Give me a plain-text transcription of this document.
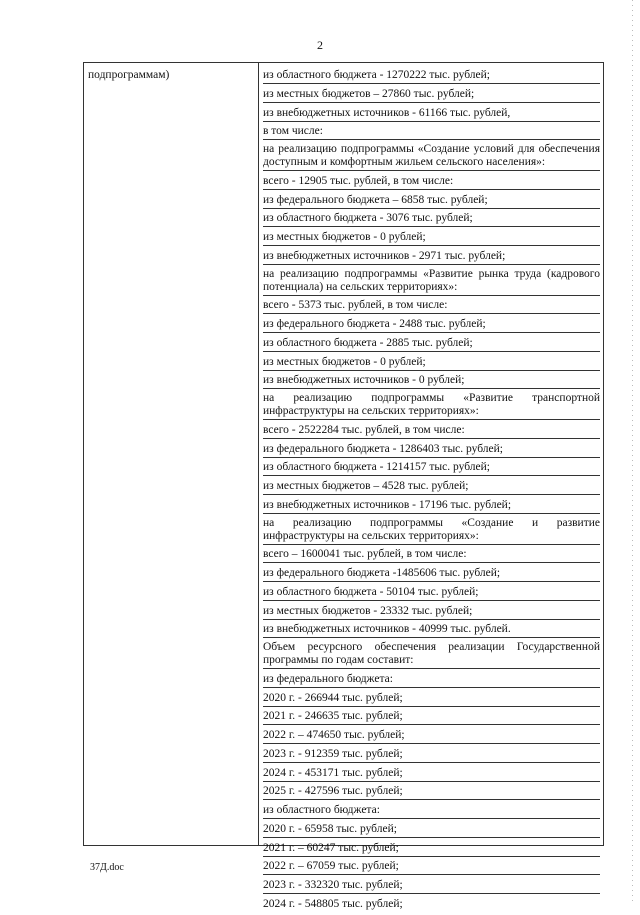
2
подпрограммам)	из областного бюджета - 1270222 тыс. рублей;
из местных бюджетов – 27860 тыс. рублей;
из внебюджетных источников - 61166 тыс. рублей,
в том числе:
на реализацию подпрограммы «Создание условий для обеспечения доступным и комфортным жильем сельского населения»:
всего - 12905 тыс. рублей, в том числе:
из федерального бюджета – 6858 тыс. рублей;
из областного бюджета - 3076 тыс. рублей;
из местных бюджетов - 0 рублей;
из внебюджетных источников - 2971 тыс. рублей;
на реализацию подпрограммы «Развитие рынка труда (кадрового потенциала) на сельских территориях»:
всего - 5373 тыс. рублей, в том числе:
из федерального бюджета - 2488 тыс. рублей;
из областного бюджета - 2885 тыс. рублей;
из местных бюджетов - 0 рублей;
из внебюджетных источников - 0 рублей;
на реализацию подпрограммы «Развитие транспортной инфраструктуры на сельских территориях»:
всего - 2522284 тыс. рублей, в том числе:
из федерального бюджета - 1286403 тыс. рублей;
из областного бюджета - 1214157 тыс. рублей;
из местных бюджетов – 4528 тыс. рублей;
из внебюджетных источников - 17196 тыс. рублей;
на реализацию подпрограммы «Создание и развитие инфраструктуры на сельских территориях»:
всего – 1600041 тыс. рублей, в том числе:
из федерального бюджета -1485606 тыс. рублей;
из областного бюджета - 50104 тыс. рублей;
из местных бюджетов - 23332 тыс. рублей;
из внебюджетных источников - 40999 тыс. рублей.
Объем ресурсного обеспечения реализации Государственной программы по годам составит:
из федерального бюджета:
2020 г. - 266944 тыс. рублей;
2021 г. - 246635 тыс. рублей;
2022 г. – 474650 тыс. рублей;
2023 г. - 912359 тыс. рублей;
2024 г. - 453171 тыс. рублей;
2025 г. - 427596 тыс. рублей;
из областного бюджета:
2020 г. - 65958 тыс. рублей;
2021 г. – 60247 тыс. рублей;
2022 г. – 67059 тыс. рублей;
2023 г. - 332320 тыс. рублей;
2024 г. - 548805 тыс. рублей;
37Д.doc
